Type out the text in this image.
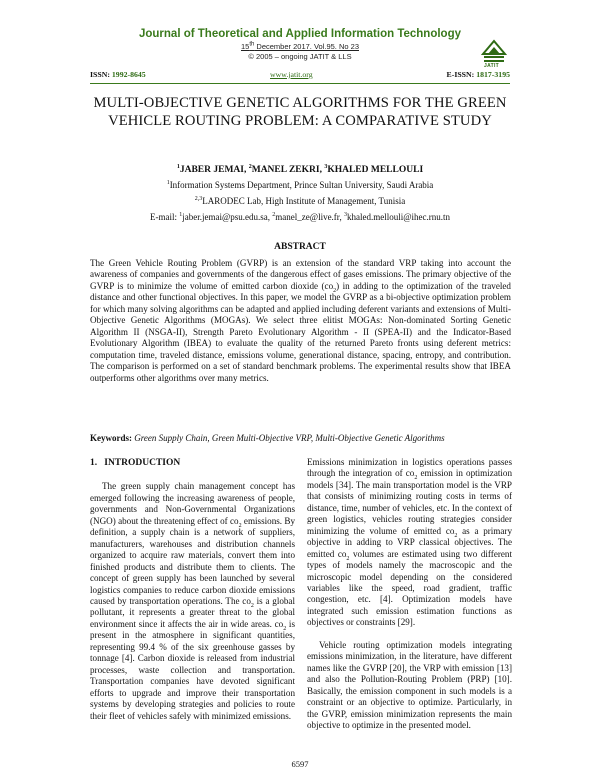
Journal of Theoretical and Applied Information Technology
15th December 2017. Vol.95. No 23
© 2005 – ongoing JATIT & LLS
JATIT
ISSN: 1992-8645	www.jatit.org	E-ISSN: 1817-3195
MULTI-OBJECTIVE GENETIC ALGORITHMS FOR THE GREEN VEHICLE ROUTING PROBLEM: A COMPARATIVE STUDY
$^1$JABER JEMAI, $^2$MANEL ZEKRI, $^3$KHALED MELLOULI
$^1$Information Systems Department, Prince Sultan University, Saudi Arabia
$^{2,3}$LARODEC Lab, High Institute of Management, Tunisia
E-mail: $^1$jaber.jemai@psu.edu.sa, $^2$manel_ze@live.fr, $^3$khaled.mellouli@ihec.rnu.tn
ABSTRACT
The Green Vehicle Routing Problem (GVRP) is an extension of the standard VRP taking into account the awareness of companies and governments of the dangerous effect of gases emissions. The primary objective of the GVRP is to minimize the volume of emitted carbon dioxide $(co_2)$ in adding to the optimization of the traveled distance and other functional objectives. In this paper, we model the GVRP as a bi-objective optimization problem for which many solving algorithms can be adapted and applied including deferent variants and extensions of Multi-Objective Genetic Algorithms (MOGAs). We select three elitist MOGAs: Non-dominated Sorting Genetic Algorithm II (NSGA-II), Strength Pareto Evolutionary Algorithm - II (SPEA-II) and the Indicator-Based Evolutionary Algorithm (IBEA) to evaluate the quality of the returned Pareto fronts using deferent metrics: computation time, traveled distance, emissions volume, generational distance, spacing, entropy, and contribution. The comparison is performed on a set of standard benchmark problems. The experimental results show that IBEA outperforms other algorithms over many metrics.
Keywords: Green Supply Chain, Green Multi-Objective VRP, Multi-Objective Genetic Algorithms
1. INTRODUCTION

The green supply chain management concept has emerged following the increasing awareness of people, governments and Non-Governmental Organizations (NGO) about the threatening effect of $co_2$ emissions. By definition, a supply chain is a network of suppliers, manufacturers, warehouses and distribution channels organized to acquire raw materials, convert them into finished products and distribute them to clients. The concept of green supply has been launched by several logistics companies to reduce carbon dioxide emissions caused by transportation operations. The $co_2$ is a global pollutant, it represents a greater threat to the global environment since it affects the air in wide areas. $co_2$ is present in the atmosphere in significant quantities, representing 99.4 % of the six greenhouse gasses by tonnage [4]. Carbon dioxide is released from industrial processes, waste collection and transportation. Transportation companies have devoted significant efforts to upgrade and improve their transportation systems by developing strategies and policies to route their fleet of vehicles safely with minimized emissions.

Emissions minimization in logistics operations passes through the integration of $co_2$ emission in optimization models [34]. The main transportation model is the VRP that consists of minimizing routing costs in terms of distance, time, number of vehicles, etc. In the context of green logistics, vehicles routing strategies consider minimizing the volume of emitted $co_2$ as a primary objective in adding to VRP classical objectives. The emitted $co_2$ volumes are estimated using two different types of models namely the macroscopic and the microscopic model depending on the considered variables like the speed, road gradient, traffic congestion, etc. [4]. Optimization models have integrated such emission estimation functions as objectives or constraints [29].

Vehicle routing optimization models integrating emissions minimization, in the literature, have different names like the GVRP [20], the VRP with emission [13] and also the Pollution-Routing Problem (PRP) [10]. Basically, the emission component in such models is a constraint or an objective to optimize. Particularly, in the GVRP, emission minimization represents the main objective to optimize in the presented model.

6597
